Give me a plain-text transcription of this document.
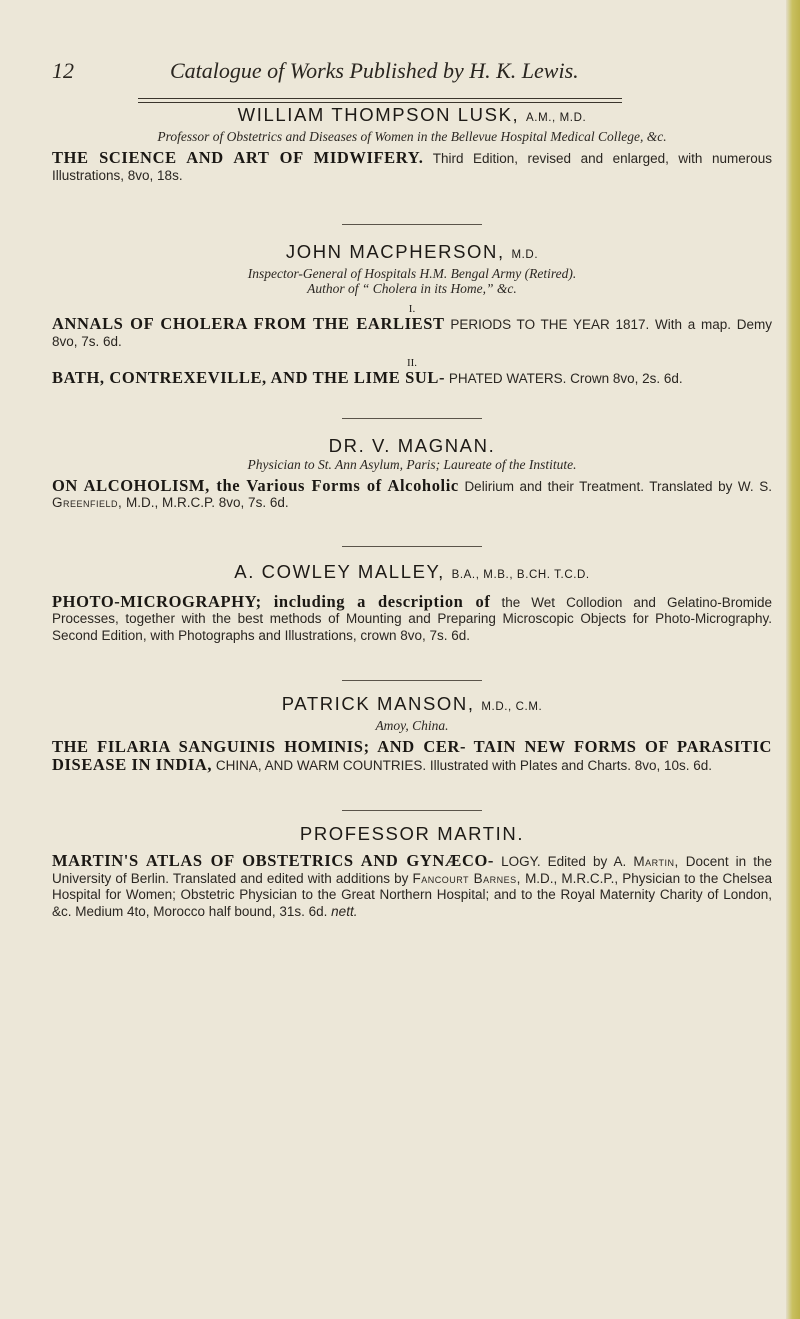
12	Catalogue of Works Published by H. K. Lewis.
WILLIAM THOMPSON LUSK, A.M., M.D.
Professor of Obstetrics and Diseases of Women in the Bellevue Hospital Medical College, &c.
THE SCIENCE AND ART OF MIDWIFERY. Third Edition, revised and enlarged, with numerous Illustrations, 8vo, 18s.
JOHN MACPHERSON, M.D.
Inspector-General of Hospitals H.M. Bengal Army (Retired).
Author of “ Cholera in its Home,” &c.
I.
ANNALS OF CHOLERA FROM THE EARLIEST PERIODS TO THE YEAR 1817. With a map. Demy 8vo, 7s. 6d.
II.
BATH, CONTREXEVILLE, AND THE LIME SUL- PHATED WATERS. Crown 8vo, 2s. 6d.
DR. V. MAGNAN.
Physician to St. Ann Asylum, Paris; Laureate of the Institute.
ON ALCOHOLISM, the Various Forms of Alcoholic Delirium and their Treatment. Translated by W. S. Greenfield, M.D., M.R.C.P. 8vo, 7s. 6d.
A. COWLEY MALLEY, B.A., M.B., B.CH. T.C.D.
PHOTO-MICROGRAPHY; including a description of the Wet Collodion and Gelatino-Bromide Processes, together with the best methods of Mounting and Preparing Microscopic Objects for Photo-Micrography. Second Edition, with Photographs and Illustrations, crown 8vo, 7s. 6d.
PATRICK MANSON, M.D., C.M.
Amoy, China.
THE FILARIA SANGUINIS HOMINIS; AND CER- TAIN NEW FORMS OF PARASITIC DISEASE IN INDIA, CHINA, AND WARM COUNTRIES. Illustrated with Plates and Charts. 8vo, 10s. 6d.
PROFESSOR MARTIN.
MARTIN'S ATLAS OF OBSTETRICS AND GYNÆCO- LOGY. Edited by A. Martin, Docent in the University of Berlin. Translated and edited with additions by Fancourt Barnes, M.D., M.R.C.P., Physician to the Chelsea Hospital for Women; Obstetric Physician to the Great Northern Hospital; and to the Royal Maternity Charity of London, &c. Medium 4to, Morocco half bound, 31s. 6d. nett.
